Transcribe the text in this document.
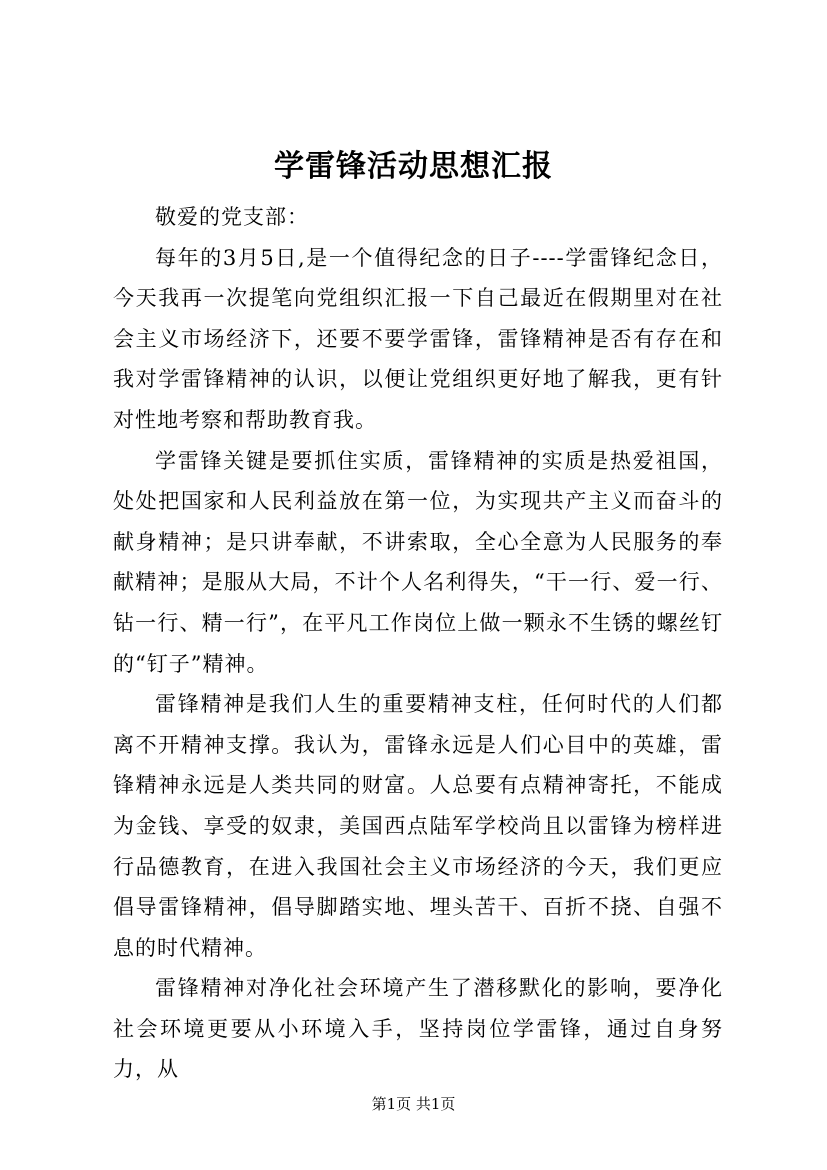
学雷锋活动思想汇报

敬爱的党支部：

每年的3月5日,是一个值得纪念的日子----学雷锋纪念日，今天我再一次提笔向党组织汇报一下自己最近在假期里对在社会主义市场经济下，还要不要学雷锋，雷锋精神是否有存在和我对学雷锋精神的认识，以便让党组织更好地了解我，更有针对性地考察和帮助教育我。

学雷锋关键是要抓住实质，雷锋精神的实质是热爱祖国，处处把国家和人民利益放在第一位，为实现共产主义而奋斗的献身精神；是只讲奉献，不讲索取，全心全意为人民服务的奉献精神；是服从大局，不计个人名利得失，“干一行、爱一行、钻一行、精一行”，在平凡工作岗位上做一颗永不生锈的螺丝钉的“钉子”精神。

雷锋精神是我们人生的重要精神支柱，任何时代的人们都离不开精神支撑。我认为，雷锋永远是人们心目中的英雄，雷锋精神永远是人类共同的财富。人总要有点精神寄托，不能成为金钱、享受的奴隶，美国西点陆军学校尚且以雷锋为榜样进行品德教育，在进入我国社会主义市场经济的今天，我们更应倡导雷锋精神，倡导脚踏实地、埋头苦干、百折不挠、自强不息的时代精神。

雷锋精神对净化社会环境产生了潜移默化的影响，要净化社会环境更要从小环境入手，坚持岗位学雷锋，通过自身努力，从

第1页 共1页
